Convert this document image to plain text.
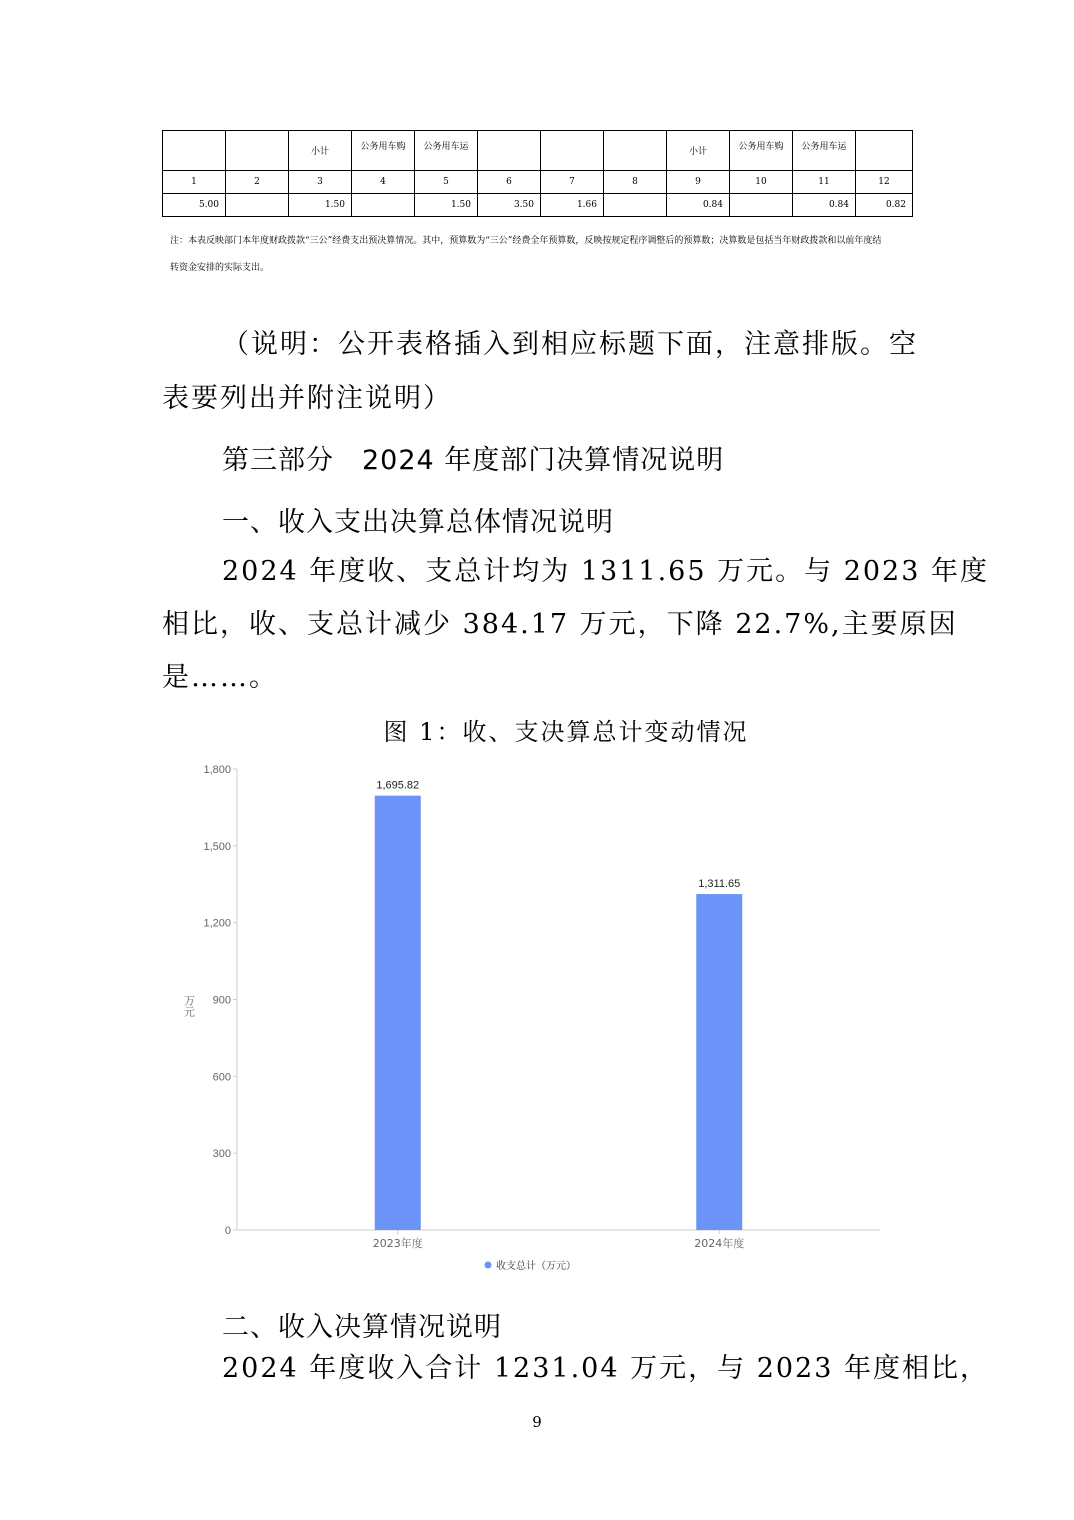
		小计	公务用车购	公务用车运				小计	公务用车购	公务用车运	
1	2	3	4	5	6	7	8	9	10	11	12
5.00		1.50		1.50	3.50	1.66		0.84		0.84	0.82
注：本表反映部门本年度财政拨款“三公”经费支出预决算情况。其中，预算数为“三公”经费全年预算数，反映按规定程序调整后的预算数；决算数是包括当年财政拨款和以前年度结
转资金安排的实际支出。
（说明：公开表格插入到相应标题下面，注意排版。空
表要列出并附注说明）
第三部分　2024 年度部门决算情况说明
一、收入支出决算总体情况说明
2024 年度收、支总计均为 1311.65 万元。与 2023 年度
相比，收、支总计减少 384.17 万元，下降 22.7%,主要原因
是……。
图 1：收、支决算总计变动情况
0
300
600
900
1,200
1,500
1,800
万元
1,695.82
2023年度
1,311.65
2024年度
收支总计（万元）
二、收入决算情况说明
2024 年度收入合计 1231.04 万元，与 2023 年度相比，
9
